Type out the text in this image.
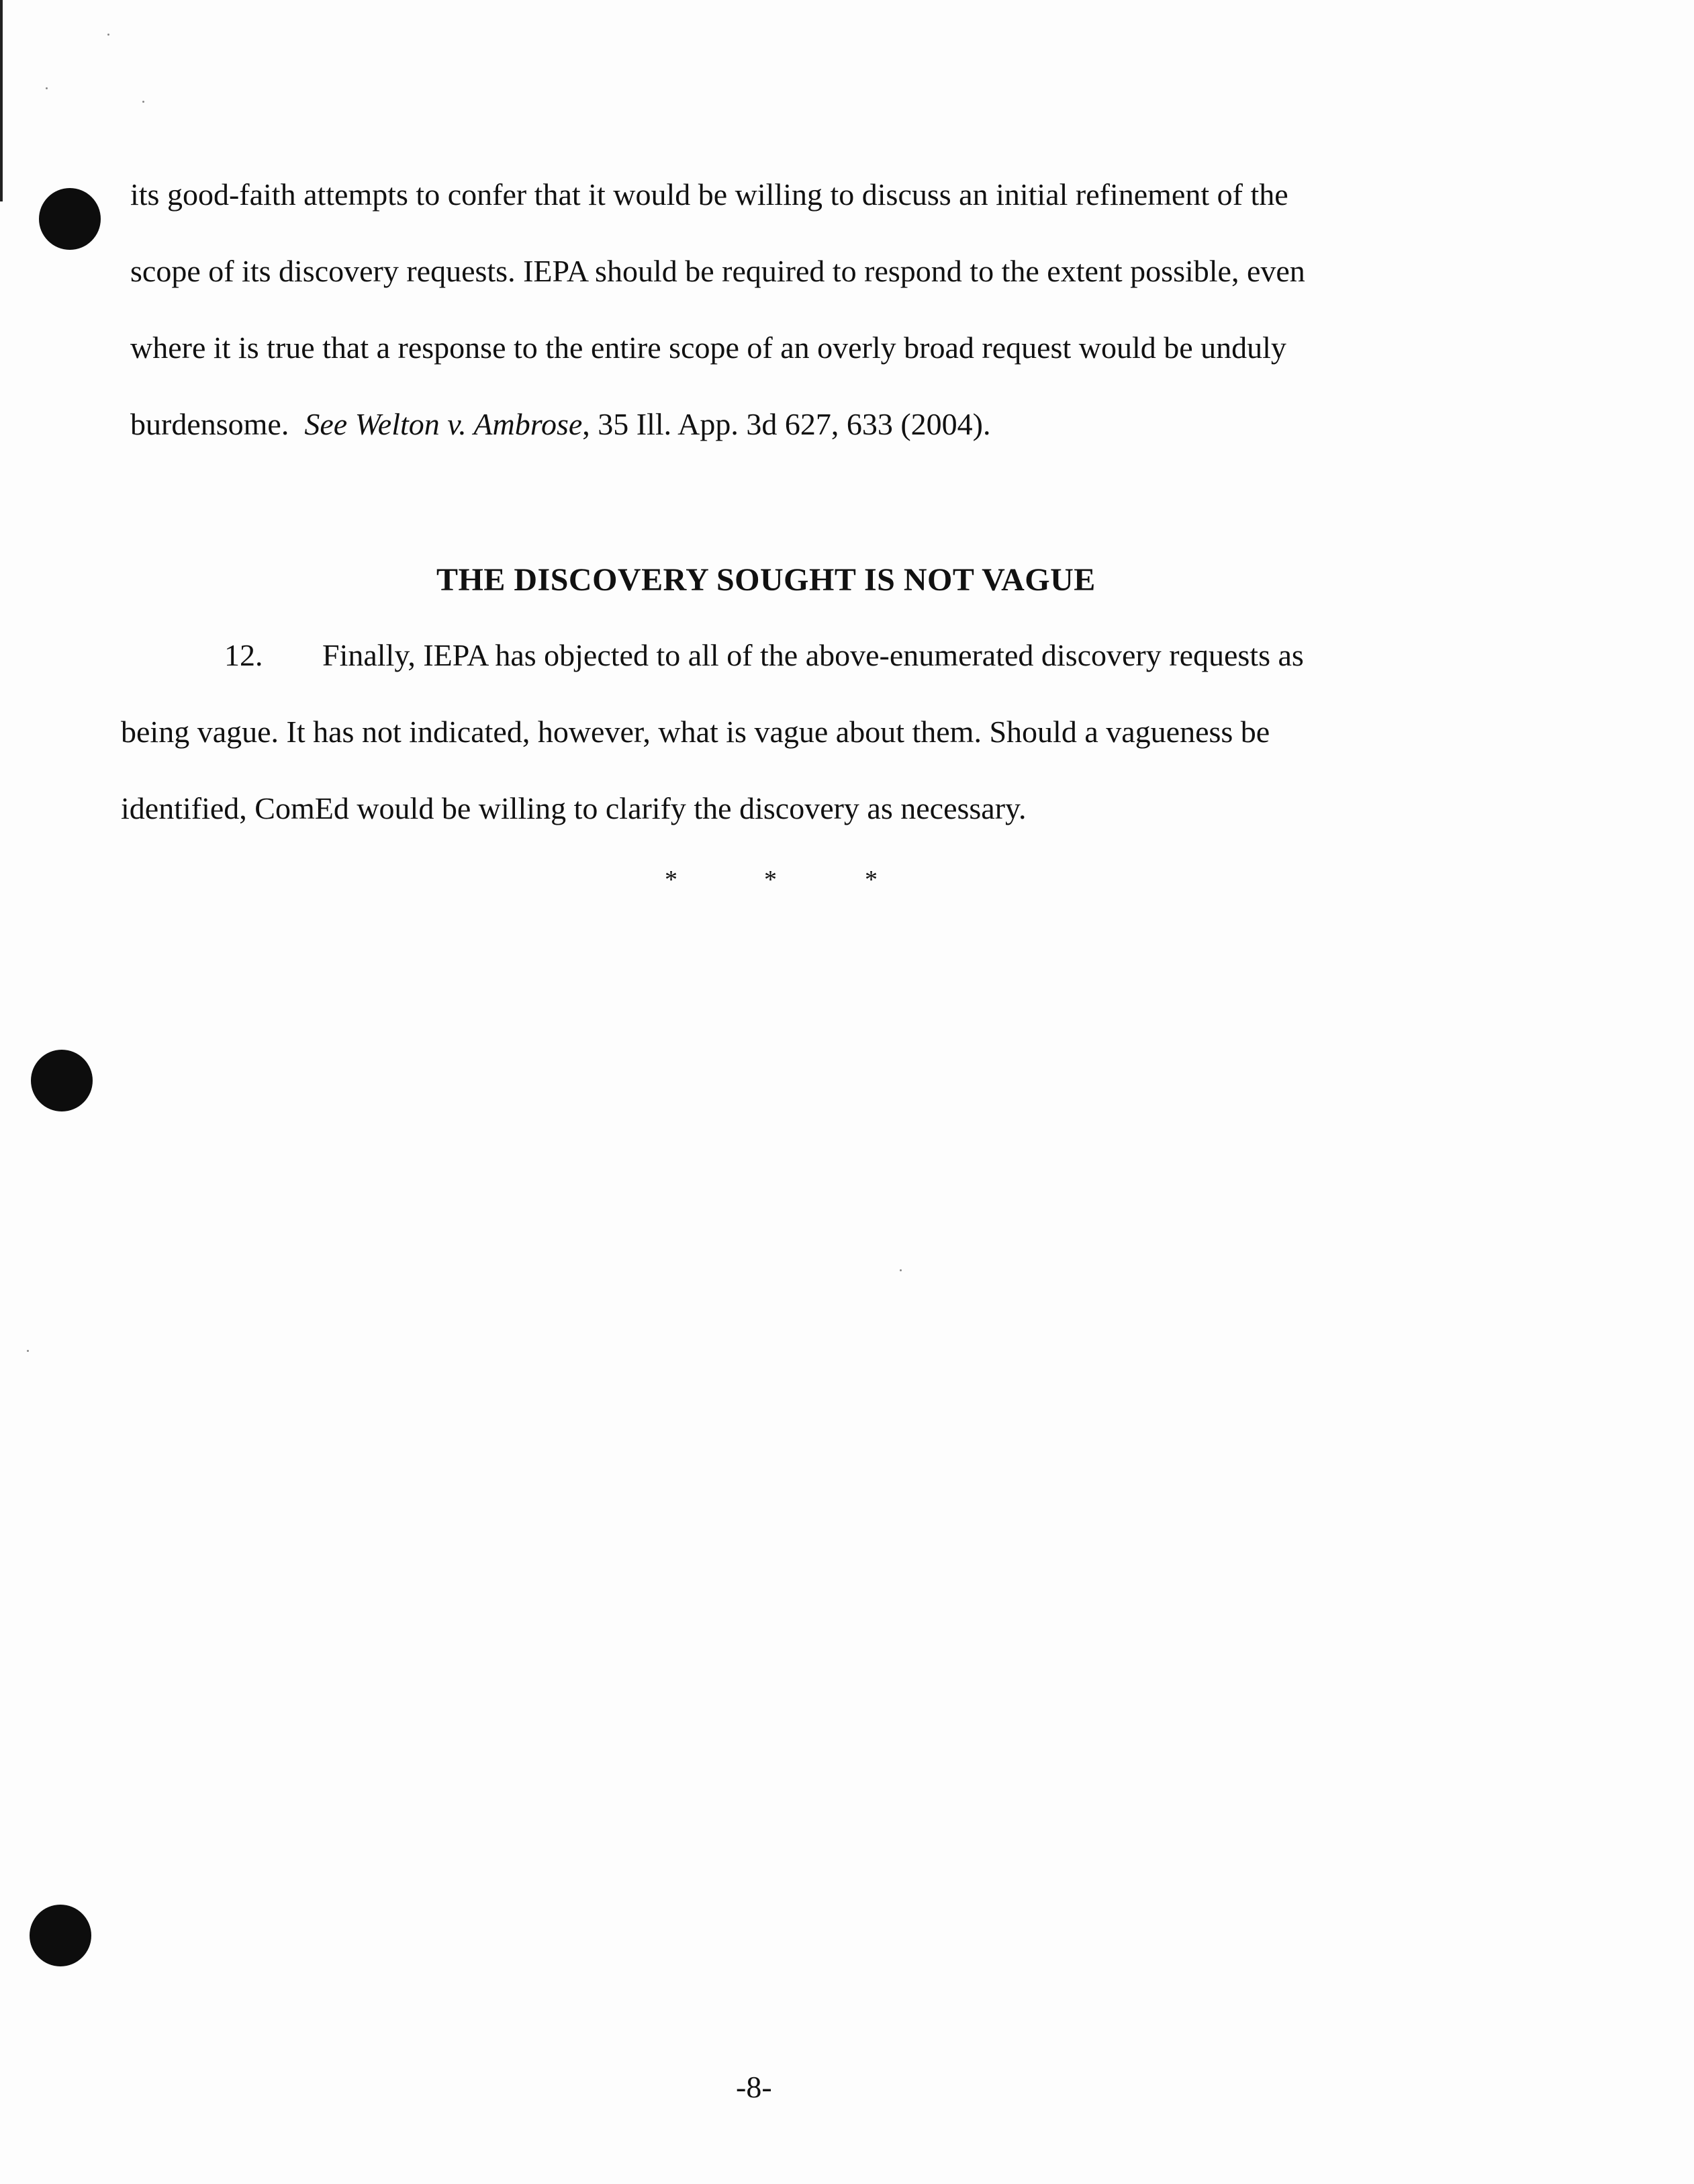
its good-faith attempts to confer that it would be willing to discuss an initial refinement of the
scope of its discovery requests. IEPA should be required to respond to the extent possible, even
where it is true that a response to the entire scope of an overly broad request would be unduly
burdensome. See Welton v. Ambrose, 35 Ill. App. 3d 627, 633 (2004).
THE DISCOVERY SOUGHT IS NOT VAGUE
12. Finally, IEPA has objected to all of the above-enumerated discovery requests as
being vague. It has not indicated, however, what is vague about them. Should a vagueness be
identified, ComEd would be willing to clarify the discovery as necessary.
*	*	*
-8-
